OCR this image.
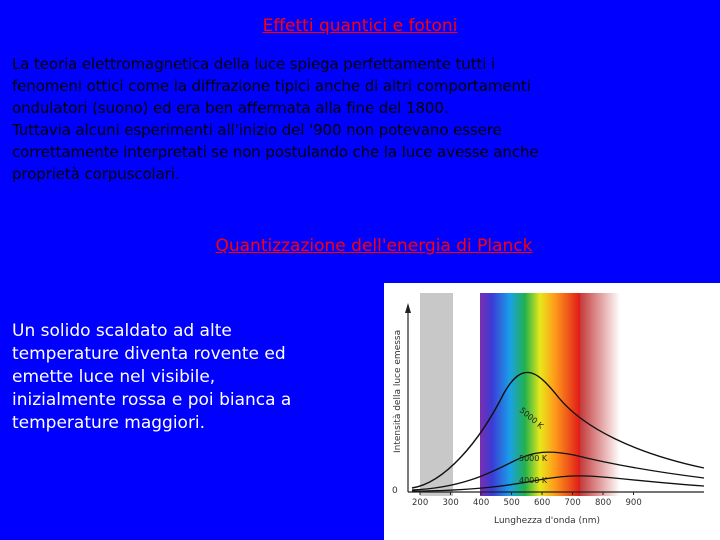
Effetti quantici e fotoni
La teoria elettromagnetica della luce spiega perfettamente tutti i
fenomeni ottici come la diffrazione tipici anche di altri comportamenti
ondulatori (suono) ed era ben affermata alla fine del 1800.
Tuttavia alcuni esperimenti all'inizio del '900 non potevano essere
correttamente interpretati se non postulando che la luce avesse anche
proprietà corpuscolari.
Quantizzazione dell'energia di Planck
Un solido scaldato ad alte
temperature diventa rovente ed
emette luce nel visibile,
inizialmente rossa e poi bianca a
temperature maggiori.
0
Intensità della luce emessa
200 300 400 500 600 700 800 900
Lunghezza d'onda (nm)
5000 K
5000 K
4000 K
